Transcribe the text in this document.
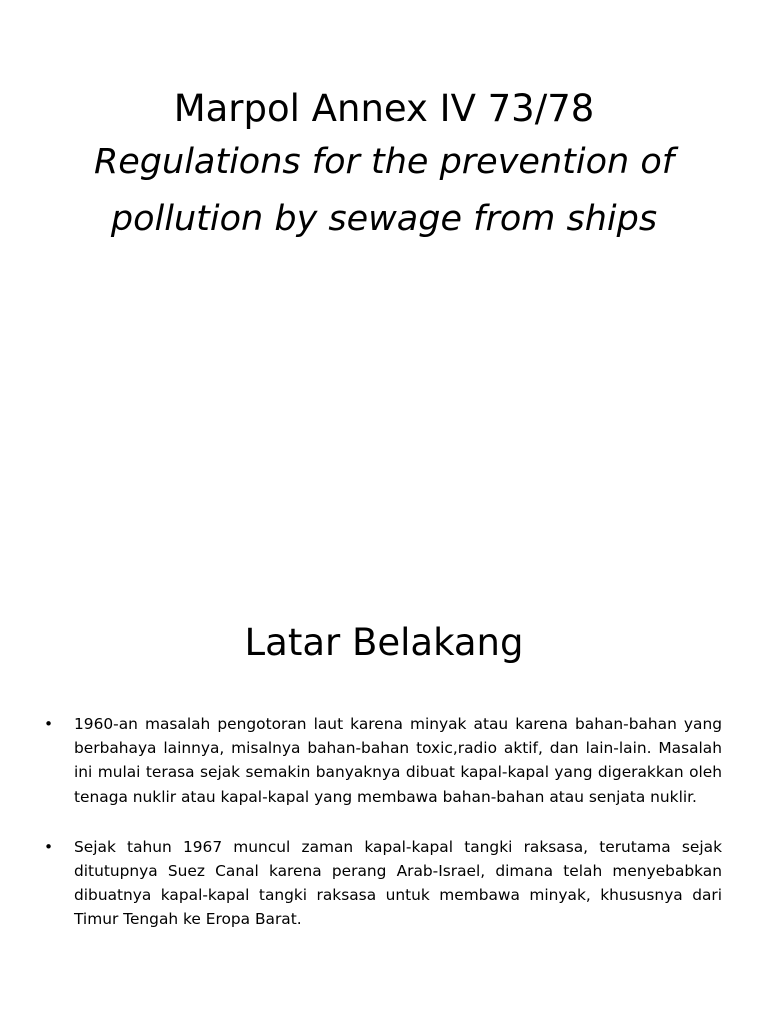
Marpol Annex IV 73/78
Regulations for the prevention of pollution by sewage from ships
Latar Belakang
•	1960-an masalah pengotoran laut karena minyak atau karena bahan-bahan yang berbahaya lainnya, misalnya bahan-bahan toxic,radio aktif, dan lain-lain. Masalah ini mulai terasa sejak semakin banyaknya dibuat kapal-kapal yang digerakkan oleh tenaga nuklir atau kapal-kapal yang membawa bahan-bahan atau senjata nuklir.
•	Sejak tahun 1967 muncul zaman kapal-kapal tangki raksasa, terutama sejak ditutupnya Suez Canal karena perang Arab-Israel, dimana telah menyebabkan dibuatnya kapal-kapal tangki raksasa untuk membawa minyak, khususnya dari Timur Tengah ke Eropa Barat.
